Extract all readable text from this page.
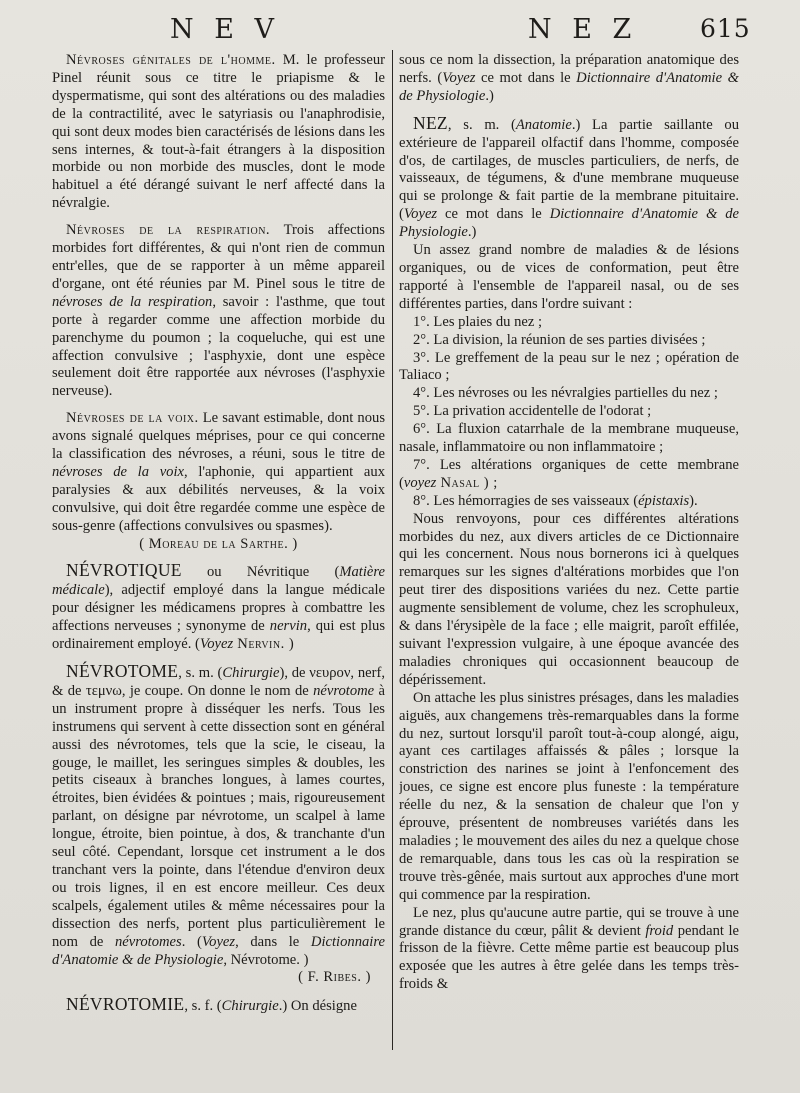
N E V	N E Z	615

Névroses génitales de l'homme. M. le professeur Pinel réunit sous ce titre le priapisme & le dyspermatisme, qui sont des altérations ou des maladies de la contractilité, avec le satyriasis ou l'anaphrodisie, qui sont deux modes bien caractérisés de lésions dans les sens internes, & tout-à-fait étrangers à la disposition morbide ou non morbide des muscles, dont le mode habituel a été dérangé suivant le nerf affecté dans la névralgie.

Névroses de la respiration. Trois affections morbides fort différentes, & qui n'ont rien de commun entr'elles, que de se rapporter à un même appareil d'organe, ont été réunies par M. Pinel sous le titre de névroses de la respiration, savoir : l'asthme, que tout porte à regarder comme une affection morbide du parenchyme du poumon ; la coqueluche, qui est une affection convulsive ; l'asphyxie, dont une espèce seulement doit être rapportée aux névroses (l'asphyxie nerveuse).

Névroses de la voix. Le savant estimable, dont nous avons signalé quelques méprises, pour ce qui concerne la classification des névroses, a réuni, sous le titre de névroses de la voix, l'aphonie, qui appartient aux paralysies & aux débilités nerveuses, & la voix convulsive, qui doit être regardée comme une espèce de sous-genre (affections convulsives ou spasmes).

( Moreau de la Sarthe. )

NÉVROTIQUE ou Névritique (Matière médicale), adjectif employé dans la langue médicale pour désigner les médicamens propres à combattre les affections nerveuses ; synonyme de nervin, qui est plus ordinairement employé. (Voyez Nervin. )

NÉVROTOME, s. m. (Chirurgie), de νευρον, nerf, & de τεμνω, je coupe. On donne le nom de névrotome à un instrument propre à disséquer les nerfs. Tous les instrumens qui servent à cette dissection sont en général aussi des névrotomes, tels que la scie, le ciseau, la gouge, le maillet, les seringues simples & doubles, les petits ciseaux à branches longues, à lames courtes, étroites, bien évidées & pointues ; mais, rigoureusement parlant, on désigne par névrotome, un scalpel à lame longue, étroite, bien pointue, à dos, & tranchante d'un seul côté. Cependant, lorsque cet instrument a le dos tranchant vers la pointe, dans l'étendue d'environ deux ou trois lignes, il en est encore meilleur. Ces deux scalpels, également utiles & même nécessaires pour la dissection des nerfs, portent plus particulièrement le nom de névrotomes. (Voyez, dans le Dictionnaire d'Anatomie & de Physiologie, Névrotome. )

( F. Ribes. )

NÉVROTOMIE, s. f. (Chirurgie.) On désigne

sous ce nom la dissection, la préparation anatomique des nerfs. (Voyez ce mot dans le Dictionnaire d'Anatomie & de Physiologie.)

NEZ, s. m. (Anatomie.) La partie saillante ou extérieure de l'appareil olfactif dans l'homme, composée d'os, de cartilages, de muscles particuliers, de nerfs, de vaisseaux, de tégumens, & d'une membrane muqueuse qui se prolonge & fait partie de la membrane pituitaire. (Voyez ce mot dans le Dictionnaire d'Anatomie & de Physiologie.)

Un assez grand nombre de maladies & de lésions organiques, ou de vices de conformation, peut être rapporté à l'ensemble de l'appareil nasal, ou de ses différentes parties, dans l'ordre suivant :

1°. Les plaies du nez ;
2°. La division, la réunion de ses parties divisées ;
3°. Le greffement de la peau sur le nez ; opération de Taliaco ;
4°. Les névroses ou les névralgies partielles du nez ;
5°. La privation accidentelle de l'odorat ;
6°. La fluxion catarrhale de la membrane muqueuse, nasale, inflammatoire ou non inflammatoire ;
7°. Les altérations organiques de cette membrane (voyez Nasal ) ;
8°. Les hémorragies de ses vaisseaux (épistaxis).

Nous renvoyons, pour ces différentes altérations morbides du nez, aux divers articles de ce Dictionnaire qui les concernent. Nous nous bornerons ici à quelques remarques sur les signes d'altérations morbides que l'on peut tirer des dispositions variées du nez. Cette partie augmente sensiblement de volume, chez les scrophuleux, & dans l'érysipèle de la face ; elle maigrit, paroît effilée, suivant l'expression vulgaire, à une époque avancée des maladies chroniques qui occasionnent beaucoup de dépérissement.

On attache les plus sinistres présages, dans les maladies aiguës, aux changemens très-remarquables dans la forme du nez, surtout lorsqu'il paroît tout-à-coup alongé, aigu, ayant ces cartilages affaissés & pâles ; lorsque la constriction des narines se joint à l'enfoncement des joues, ce signe est encore plus funeste : la température réelle du nez, & la sensation de chaleur que l'on y éprouve, présentent de nombreuses variétés dans les maladies ; le mouvement des ailes du nez a quelque chose de remarquable, dans tous les cas où la respiration se trouve très-gênée, mais surtout aux approches d'une mort qui commence par la respiration.

Le nez, plus qu'aucune autre partie, qui se trouve à une grande distance du cœur, pâlit & devient froid pendant le frisson de la fièvre. Cette même partie est beaucoup plus exposée que les autres à être gelée dans les temps très-froids &
